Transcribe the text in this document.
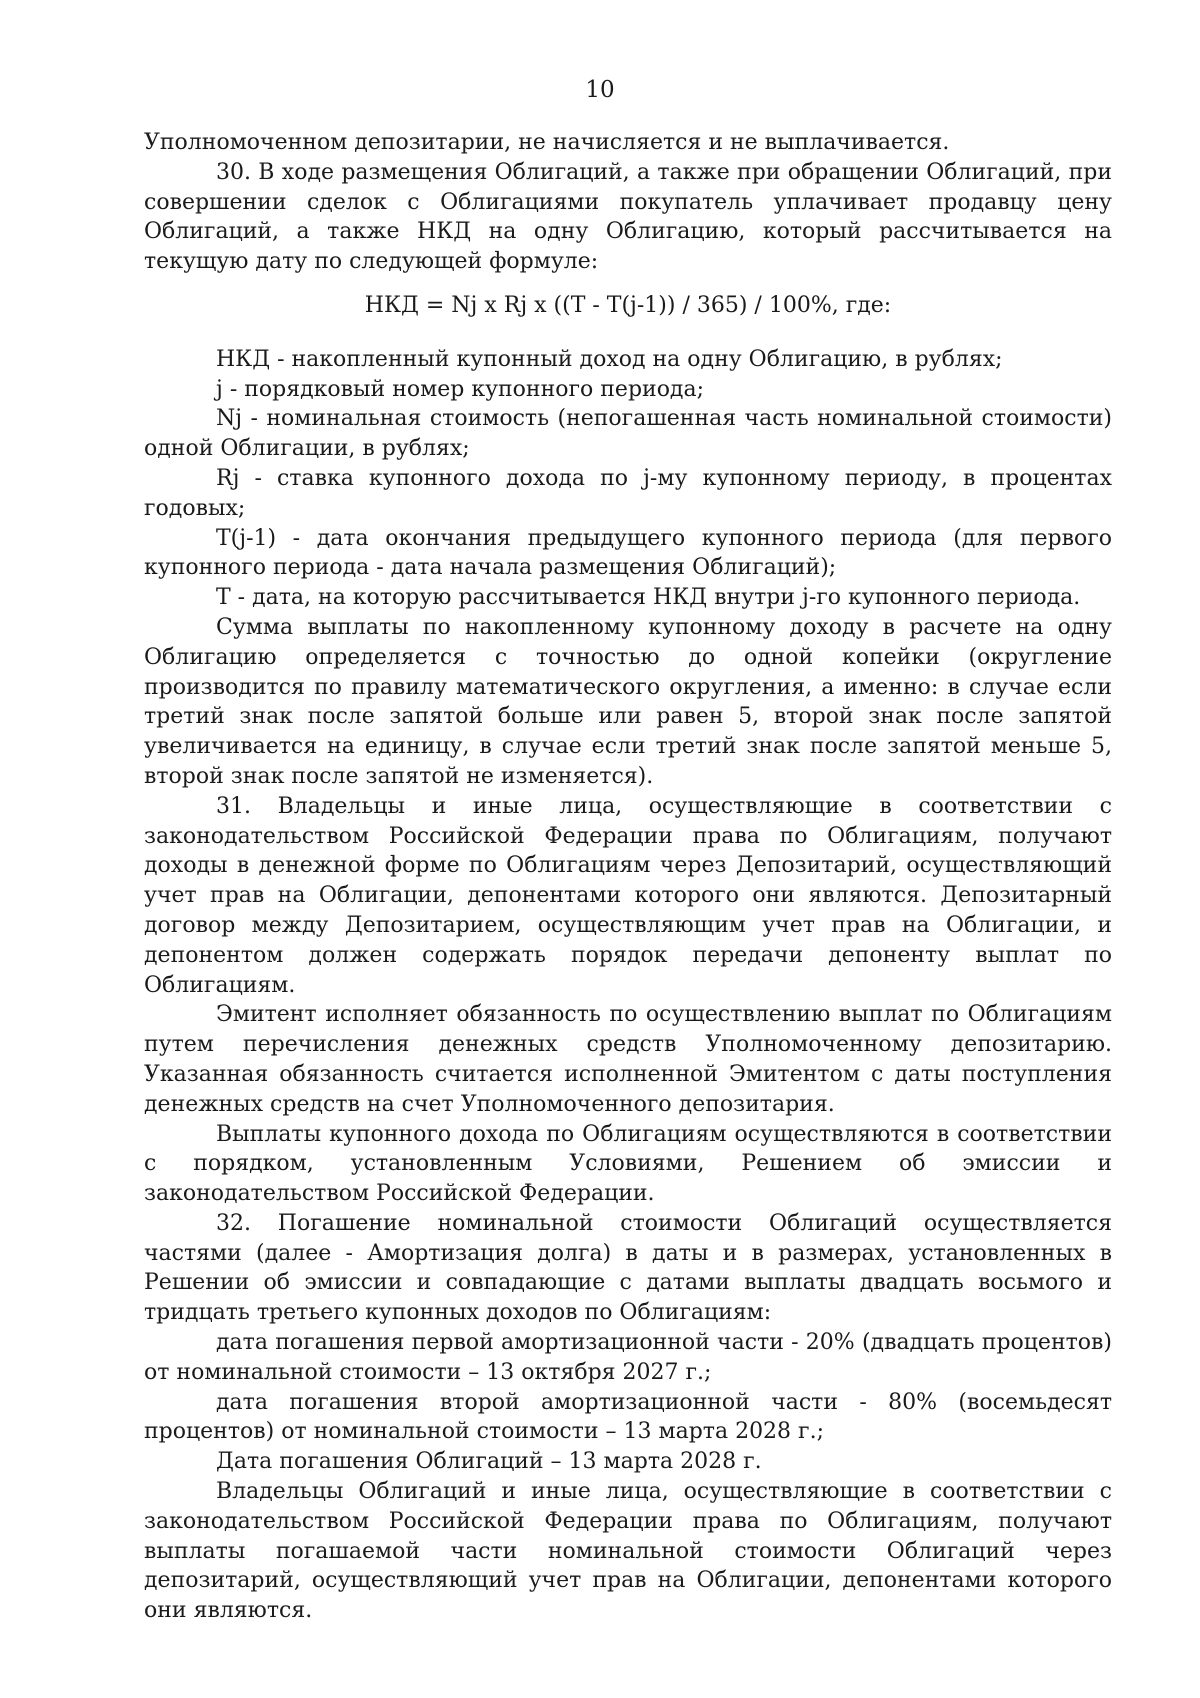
10

Уполномоченном депозитарии, не начисляется и не выплачивается.

30. В ходе размещения Облигаций, а также при обращении Облигаций, при совершении сделок с Облигациями покупатель уплачивает продавцу цену Облигаций, а также НКД на одну Облигацию, который рассчитывается на текущую дату по следующей формуле:

НКД = Nj x Rj x ((T - T(j-1)) / 365) / 100%, где:

НКД - накопленный купонный доход на одну Облигацию, в рублях;

j - порядковый номер купонного периода;

Nj - номинальная стоимость (непогашенная часть номинальной стоимости) одной Облигации, в рублях;

Rj - ставка купонного дохода по j-му купонному периоду, в процентах годовых;

T(j-1) - дата окончания предыдущего купонного периода (для первого купонного периода - дата начала размещения Облигаций);

T - дата, на которую рассчитывается НКД внутри j-го купонного периода.

Сумма выплаты по накопленному купонному доходу в расчете на одну Облигацию определяется с точностью до одной копейки (округление производится по правилу математического округления, а именно: в случае если третий знак после запятой больше или равен 5, второй знак после запятой увеличивается на единицу, в случае если третий знак после запятой меньше 5, второй знак после запятой не изменяется).

31. Владельцы и иные лица, осуществляющие в соответствии с законодательством Российской Федерации права по Облигациям, получают доходы в денежной форме по Облигациям через Депозитарий, осуществляющий учет прав на Облигации, депонентами которого они являются. Депозитарный договор между Депозитарием, осуществляющим учет прав на Облигации, и депонентом должен содержать порядок передачи депоненту выплат по Облигациям.

Эмитент исполняет обязанность по осуществлению выплат по Облигациям путем перечисления денежных средств Уполномоченному депозитарию. Указанная обязанность считается исполненной Эмитентом с даты поступления денежных средств на счет Уполномоченного депозитария.

Выплаты купонного дохода по Облигациям осуществляются в соответствии с порядком, установленным Условиями, Решением об эмиссии и законодательством Российской Федерации.

32. Погашение номинальной стоимости Облигаций осуществляется частями (далее - Амортизация долга) в даты и в размерах, установленных в Решении об эмиссии и совпадающие с датами выплаты двадцать восьмого и тридцать третьего купонных доходов по Облигациям:

дата погашения первой амортизационной части - 20% (двадцать процентов) от номинальной стоимости – 13 октября 2027 г.;

дата погашения второй амортизационной части - 80% (восемьдесят процентов) от номинальной стоимости – 13 марта 2028 г.;

Дата погашения Облигаций – 13 марта 2028 г.

Владельцы Облигаций и иные лица, осуществляющие в соответствии с законодательством Российской Федерации права по Облигациям, получают выплаты погашаемой части номинальной стоимости Облигаций через депозитарий, осуществляющий учет прав на Облигации, депонентами которого они являются.
